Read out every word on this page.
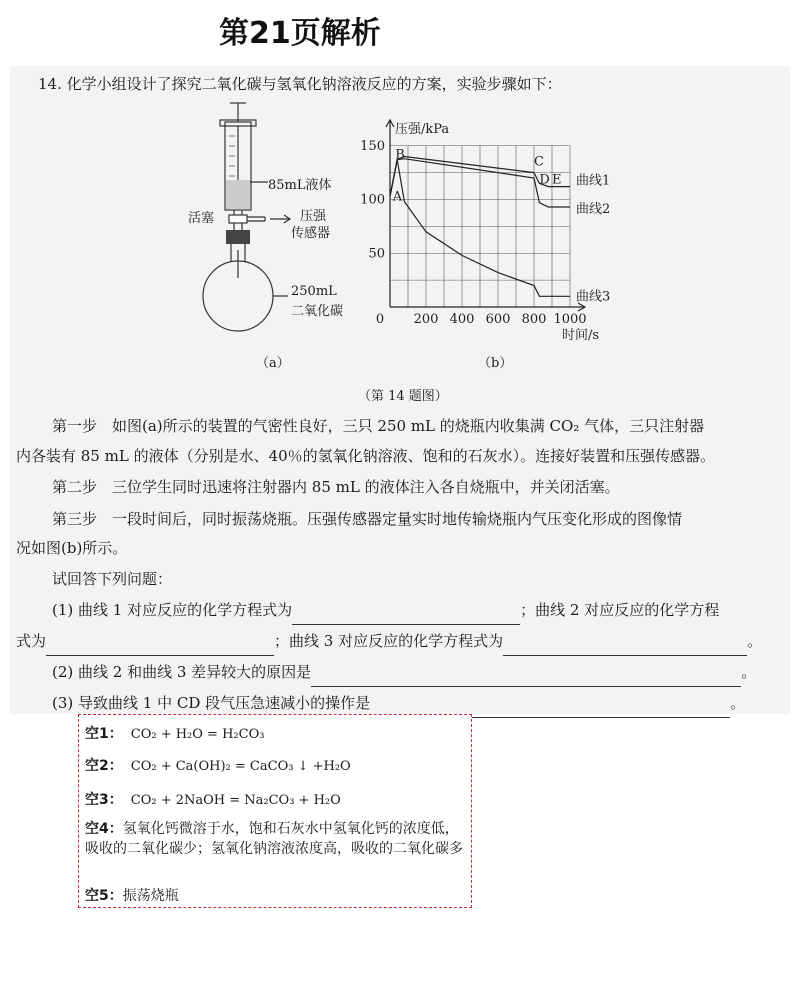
第21页解析
14. 化学小组设计了探究二氧化碳与氢氧化钠溶液反应的方案，实验步骤如下：
85mL液体
活塞	压强
传感器
250mL
二氧化碳
（a）
0 200 400 600 800 1000
50
100
150
压强/kPa
时间/s
曲线1
曲线2
曲线3
A
B	C
D E
（b）
（第 14 题图）
第一步　如图(a)所示的装置的气密性良好，三只 250 mL 的烧瓶内收集满 CO₂ 气体，三只注射器
内各装有 85 mL 的液体（分别是水、40％的氢氧化钠溶液、饱和的石灰水）。连接好装置和压强传感器。
第二步　三位学生同时迅速将注射器内 85 mL 的液体注入各自烧瓶中，并关闭活塞。
第三步　一段时间后，同时振荡烧瓶。压强传感器定量实时地传输烧瓶内气压变化形成的图像情
况如图(b)所示。
试回答下列问题：
(1) 曲线 1 对应反应的化学方程式为	；曲线 2 对应反应的化学方程
式为	；曲线 3 对应反应的化学方程式为	。
(2) 曲线 2 和曲线 3 差异较大的原因是	。
(3) 导致曲线 1 中 CD 段气压急速减小的操作是	。
空1： CO₂ + H₂O = H₂CO₃
空2： CO₂ + Ca(OH)₂ = CaCO₃ ↓ +H₂O
空3： CO₂ + 2NaOH = Na₂CO₃ + H₂O
空4：氢氧化钙微溶于水，饱和石灰水中氢氧化钙的浓度低，吸收的二氧化碳少；氢氧化钠溶液浓度高，吸收的二氧化碳多
空5：振荡烧瓶
